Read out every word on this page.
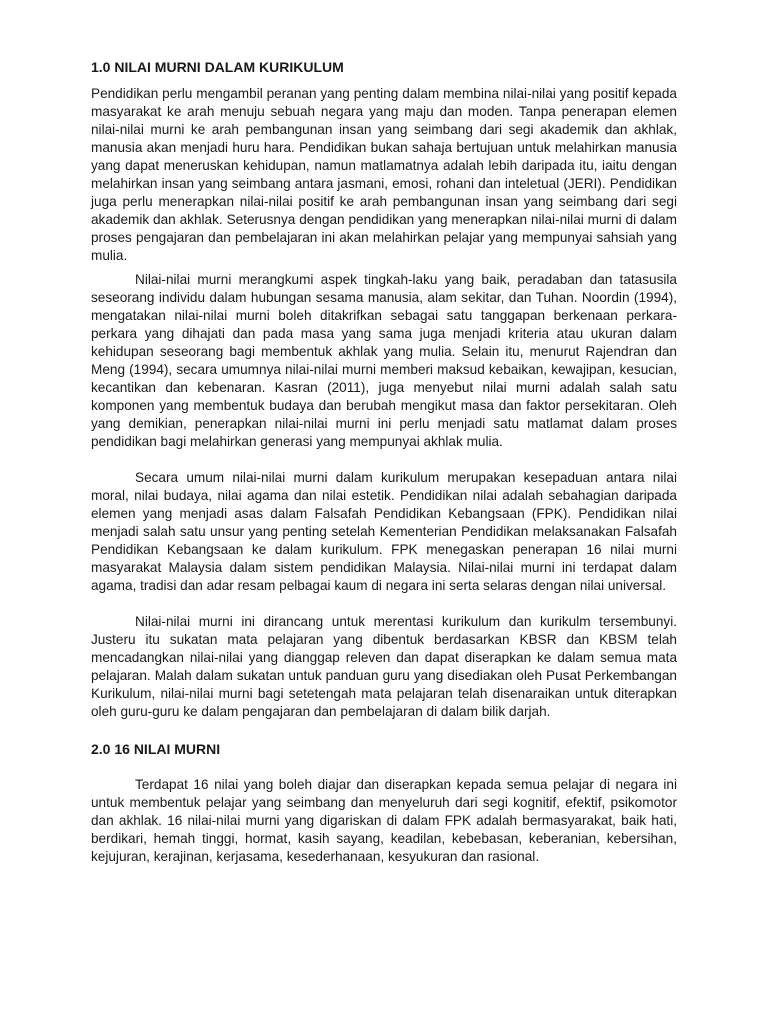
1.0 NILAI MURNI DALAM KURIKULUM

Pendidikan perlu mengambil peranan yang penting dalam membina nilai-nilai yang positif kepada masyarakat ke arah menuju sebuah negara yang maju dan moden. Tanpa penerapan elemen nilai-nilai murni ke arah pembangunan insan yang seimbang dari segi akademik dan akhlak, manusia akan menjadi huru hara. Pendidikan bukan sahaja bertujuan untuk melahirkan manusia yang dapat meneruskan kehidupan, namun matlamatnya adalah lebih daripada itu, iaitu dengan melahirkan insan yang seimbang antara jasmani, emosi, rohani dan inteletual (JERI). Pendidikan juga perlu menerapkan nilai-nilai positif ke arah pembangunan insan yang seimbang dari segi akademik dan akhlak. Seterusnya dengan pendidikan yang menerapkan nilai-nilai murni di dalam proses pengajaran dan pembelajaran ini akan melahirkan pelajar yang mempunyai sahsiah yang mulia.

Nilai-nilai murni merangkumi aspek tingkah-laku yang baik, peradaban dan tatasusila seseorang individu dalam hubungan sesama manusia, alam sekitar, dan Tuhan. Noordin (1994), mengatakan nilai-nilai murni boleh ditakrifkan sebagai satu tanggapan berkenaan perkara-perkara yang dihajati dan pada masa yang sama juga menjadi kriteria atau ukuran dalam kehidupan seseorang bagi membentuk akhlak yang mulia. Selain itu, menurut Rajendran dan Meng (1994), secara umumnya nilai-nilai murni memberi maksud kebaikan, kewajipan, kesucian, kecantikan dan kebenaran. Kasran (2011), juga menyebut nilai murni adalah salah satu komponen yang membentuk budaya dan berubah mengikut masa dan faktor persekitaran. Oleh yang demikian, penerapkan nilai-nilai murni ini perlu menjadi satu matlamat dalam proses pendidikan bagi melahirkan generasi yang mempunyai akhlak mulia.

Secara umum nilai-nilai murni dalam kurikulum merupakan kesepaduan antara nilai moral, nilai budaya, nilai agama dan nilai estetik. Pendidikan nilai adalah sebahagian daripada elemen yang menjadi asas dalam Falsafah Pendidikan Kebangsaan (FPK). Pendidikan nilai menjadi salah satu unsur yang penting setelah Kementerian Pendidikan melaksanakan Falsafah Pendidikan Kebangsaan ke dalam kurikulum. FPK menegaskan penerapan 16 nilai murni masyarakat Malaysia dalam sistem pendidikan Malaysia. Nilai-nilai murni ini terdapat dalam agama, tradisi dan adar resam pelbagai kaum di negara ini serta selaras dengan nilai universal.

Nilai-nilai murni ini dirancang untuk merentasi kurikulum dan kurikulm tersembunyi. Justeru itu sukatan mata pelajaran yang dibentuk berdasarkan KBSR dan KBSM telah mencadangkan nilai-nilai yang dianggap releven dan dapat diserapkan ke dalam semua mata pelajaran. Malah dalam sukatan untuk panduan guru yang disediakan oleh Pusat Perkembangan Kurikulum, nilai-nilai murni bagi setetengah mata pelajaran telah disenaraikan untuk diterapkan oleh guru-guru ke dalam pengajaran dan pembelajaran di dalam bilik darjah.

2.0 16 NILAI MURNI

Terdapat 16 nilai yang boleh diajar dan diserapkan kepada semua pelajar di negara ini untuk membentuk pelajar yang seimbang dan menyeluruh dari segi kognitif, efektif, psikomotor dan akhlak. 16 nilai-nilai murni yang digariskan di dalam FPK adalah bermasyarakat, baik hati, berdikari, hemah tinggi, hormat, kasih sayang, keadilan, kebebasan, keberanian, kebersihan, kejujuran, kerajinan, kerjasama, kesederhanaan, kesyukuran dan rasional.
